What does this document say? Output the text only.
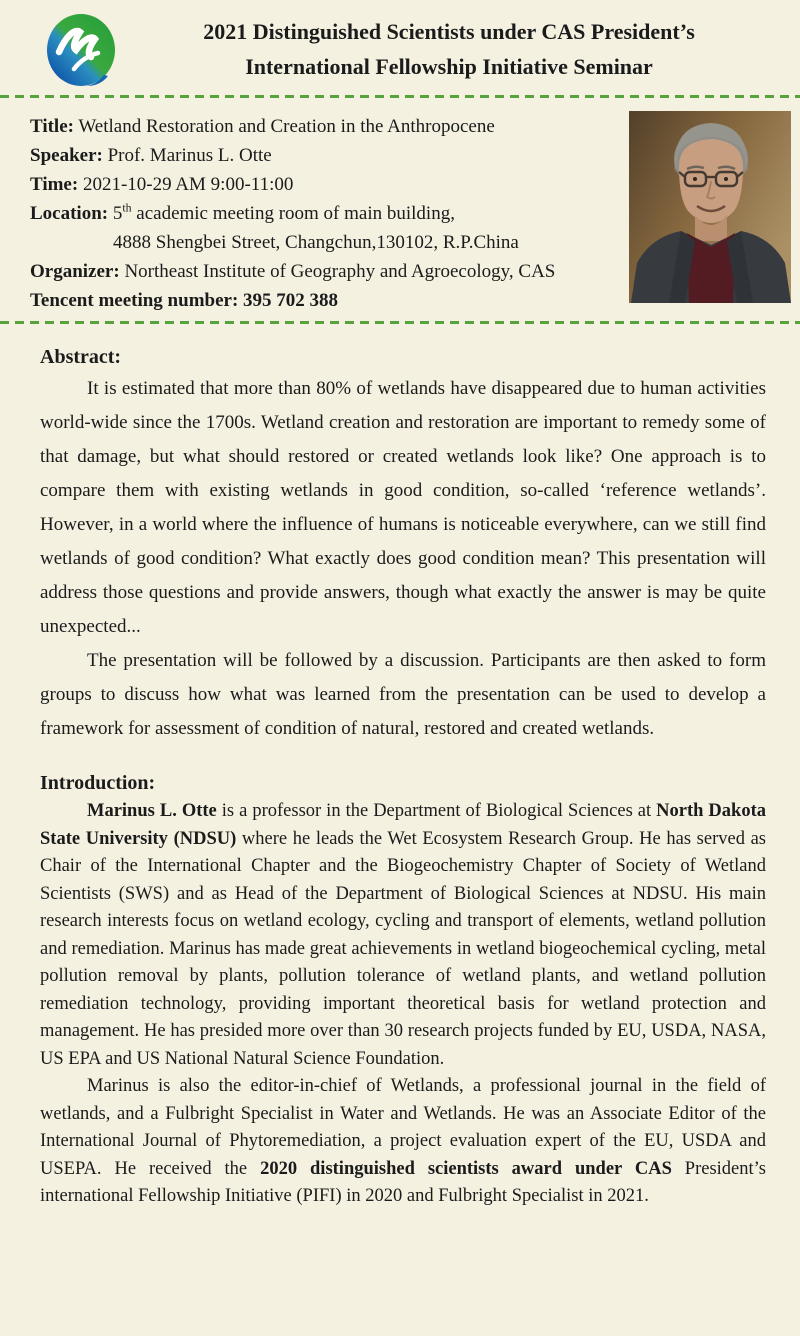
2021 Distinguished Scientists under CAS President’s
International Fellowship Initiative Seminar
Title: Wetland Restoration and Creation in the Anthropocene
Speaker: Prof. Marinus L. Otte
Time: 2021-10-29 AM 9:00-11:00
Location: 5th academic meeting room of main building,
4888 Shengbei Street, Changchun,130102, R.P.China
Organizer: Northeast Institute of Geography and Agroecology, CAS
Tencent meeting number: 395 702 388
Abstract:

It is estimated that more than 80% of wetlands have disappeared due to human activities world-wide since the 1700s. Wetland creation and restoration are important to remedy some of that damage, but what should restored or created wetlands look like? One approach is to compare them with existing wetlands in good condition, so-called ‘reference wetlands’. However, in a world where the influence of humans is noticeable everywhere, can we still find wetlands of good condition? What exactly does good condition mean? This presentation will address those questions and provide answers, though what exactly the answer is may be quite unexpected...

The presentation will be followed by a discussion. Participants are then asked to form groups to discuss how what was learned from the presentation can be used to develop a framework for assessment of condition of natural, restored and created wetlands.

Introduction:

Marinus L. Otte is a professor in the Department of Biological Sciences at North Dakota State University (NDSU) where he leads the Wet Ecosystem Research Group. He has served as Chair of the International Chapter and the Biogeochemistry Chapter of Society of Wetland Scientists (SWS) and as Head of the Department of Biological Sciences at NDSU. His main research interests focus on wetland ecology, cycling and transport of elements, wetland pollution and remediation. Marinus has made great achievements in wetland biogeochemical cycling, metal pollution removal by plants, pollution tolerance of wetland plants, and wetland pollution remediation technology, providing important theoretical basis for wetland protection and management. He has presided more over than 30 research projects funded by EU, USDA, NASA, US EPA and US National Natural Science Foundation.

Marinus is also the editor-in-chief of Wetlands, a professional journal in the field of wetlands, and a Fulbright Specialist in Water and Wetlands. He was an Associate Editor of the International Journal of Phytoremediation, a project evaluation expert of the EU, USDA and USEPA. He received the 2020 distinguished scientists award under CAS President’s international Fellowship Initiative (PIFI) in 2020 and Fulbright Specialist in 2021.
